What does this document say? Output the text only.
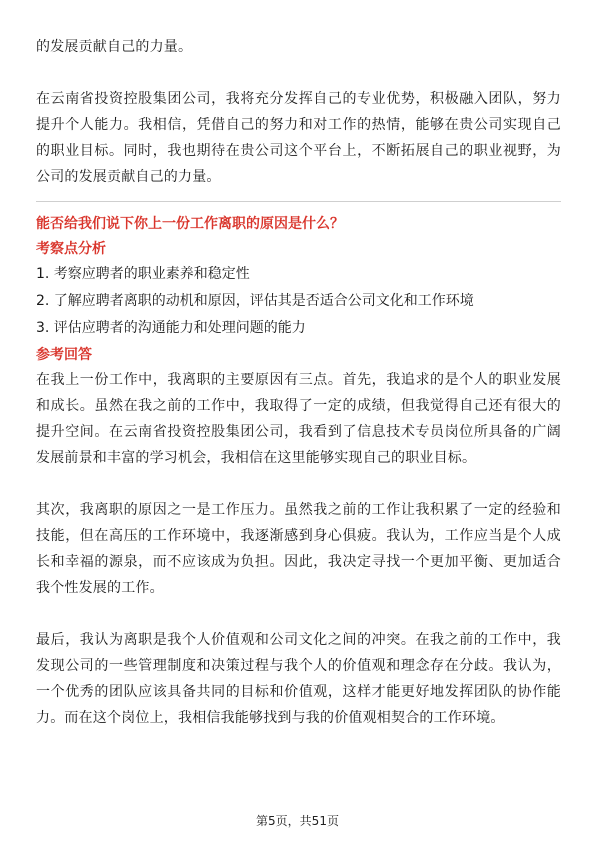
的发展贡献自己的力量。

在云南省投资控股集团公司，我将充分发挥自己的专业优势，积极融入团队，努力提升个人能力。我相信，凭借自己的努力和对工作的热情，能够在贵公司实现自己的职业目标。同时，我也期待在贵公司这个平台上，不断拓展自己的职业视野，为公司的发展贡献自己的力量。

能否给我们说下你上一份工作离职的原因是什么？

考察点分析

1. 考察应聘者的职业素养和稳定性
2. 了解应聘者离职的动机和原因，评估其是否适合公司文化和工作环境
3. 评估应聘者的沟通能力和处理问题的能力

参考回答

在我上一份工作中，我离职的主要原因有三点。首先，我追求的是个人的职业发展和成长。虽然在我之前的工作中，我取得了一定的成绩，但我觉得自己还有很大的提升空间。在云南省投资控股集团公司，我看到了信息技术专员岗位所具备的广阔发展前景和丰富的学习机会，我相信在这里能够实现自己的职业目标。

其次，我离职的原因之一是工作压力。虽然我之前的工作让我积累了一定的经验和技能，但在高压的工作环境中，我逐渐感到身心俱疲。我认为，工作应当是个人成长和幸福的源泉，而不应该成为负担。因此，我决定寻找一个更加平衡、更加适合我个性发展的工作。

最后，我认为离职是我个人价值观和公司文化之间的冲突。在我之前的工作中，我发现公司的一些管理制度和决策过程与我个人的价值观和理念存在分歧。我认为，一个优秀的团队应该具备共同的目标和价值观，这样才能更好地发挥团队的协作能力。而在这个岗位上，我相信我能够找到与我的价值观相契合的工作环境。

第5页，共51页
